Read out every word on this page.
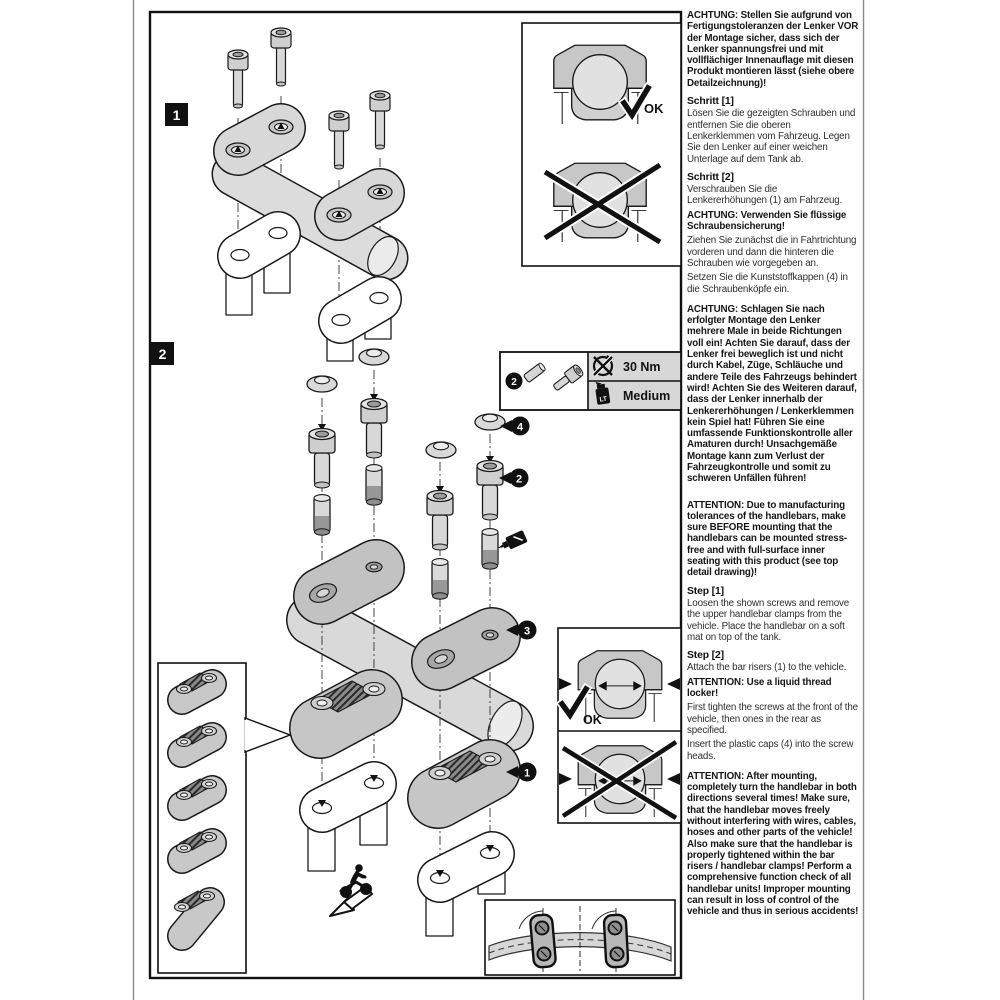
1	OK
2
2
30 Nm
LT Medium
4
2
3
1
OK

ACHTUNG: Stellen Sie aufgrund von Fertigungstoleranzen der Lenker VOR der Montage sicher, dass sich der Lenker spannungsfrei und mit vollflächiger Innenauflage mit diesen Produkt montieren lässt (siehe obere Detailzeichnung)!

Schritt [1]

Lösen Sie die gezeigten Schrauben und entfernen Sie die oberen Lenkerklemmen vom Fahrzeug. Legen Sie den Lenker auf einer weichen Unterlage auf dem Tank ab.

Schritt [2]

Verschrauben Sie die Lenkererhöhungen (1) am Fahrzeug.

ACHTUNG: Verwenden Sie flüssige Schraubensicherung!

Ziehen Sie zunächst die in Fahrtrichtung vorderen und dann die hinteren die Schrauben wie vorgegeben an.

Setzen Sie die Kunststoffkappen (4) in die Schraubenköpfe ein.

ACHTUNG: Schlagen Sie nach erfolgter Montage den Lenker mehrere Male in beide Richtungen voll ein! Achten Sie darauf, dass der Lenker frei beweglich ist und nicht durch Kabel, Züge, Schläuche und andere Teile des Fahrzeugs behindert wird! Achten Sie des Weiteren darauf, dass der Lenker innerhalb der Lenkererhöhungen / Lenkerklemmen kein Spiel hat! Führen Sie eine umfassende Funktionskontrolle aller Amaturen durch! Unsachgemäße Montage kann zum Verlust der Fahrzeugkontrolle und somit zu schweren Unfällen führen!

ATTENTION: Due to manufacturing tolerances of the handlebars, make sure BEFORE mounting that the handlebars can be mounted stress-free and with full-surface inner seating with this product (see top detail drawing)!

Step [1]

Loosen the shown screws and remove the upper handlebar clamps from the vehicle. Place the handlebar on a soft mat on top of the tank.

Step [2]

Attach the bar risers (1) to the vehicle.

ATTENTION: Use a liquid thread locker!

First tighten the screws at the front of the vehicle, then ones in the rear as specified.

Insert the plastic caps (4) into the screw heads.

ATTENTION: After mounting, completely turn the handlebar in both directions several times! Make sure, that the handlebar moves freely without interfering with wires, cables, hoses and other parts of the vehicle! Also make sure that the handlebar is properly tightened within the bar risers / handlebar clamps! Perform a comprehensive function check of all handlebar units! Improper mounting can result in loss of control of the vehicle and thus in serious accidents!
